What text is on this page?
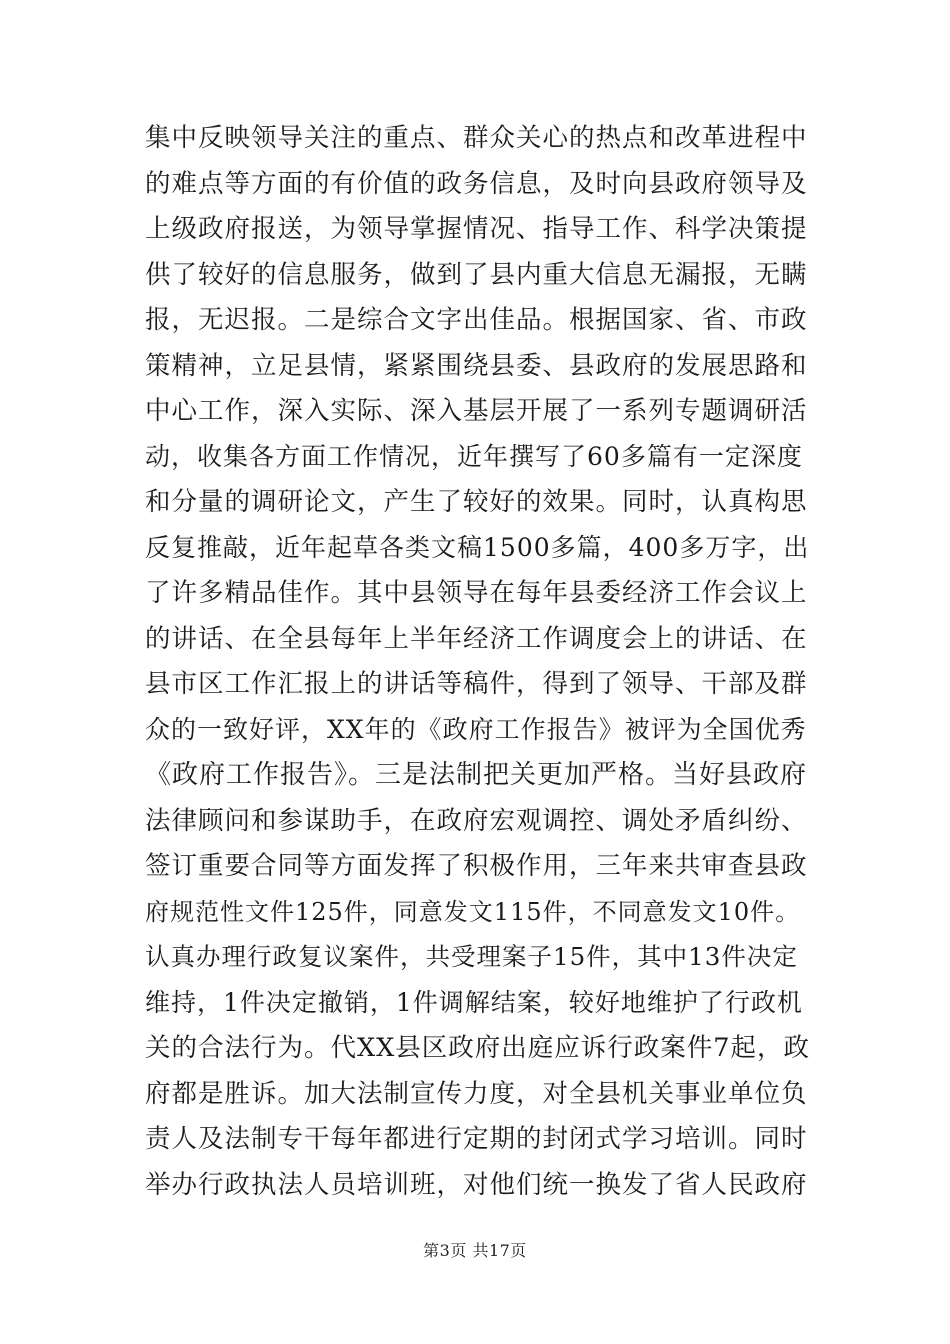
集中反映领导关注的重点、群众关心的热点和改革进程中
的难点等方面的有价值的政务信息，及时向县政府领导及
上级政府报送，为领导掌握情况、指导工作、科学决策提
供了较好的信息服务，做到了县内重大信息无漏报，无瞒
报，无迟报。二是综合文字出佳品。根据国家、省、市政
策精神，立足县情，紧紧围绕县委、县政府的发展思路和
中心工作，深入实际、深入基层开展了一系列专题调研活
动，收集各方面工作情况，近年撰写了60多篇有一定深度
和分量的调研论文，产生了较好的效果。同时，认真构思
反复推敲，近年起草各类文稿1500多篇，400多万字，出
了许多精品佳作。其中县领导在每年县委经济工作会议上
的讲话、在全县每年上半年经济工作调度会上的讲话、在
县市区工作汇报上的讲话等稿件，得到了领导、干部及群
众的一致好评，XX年的《政府工作报告》被评为全国优秀
《政府工作报告》。三是法制把关更加严格。当好县政府
法律顾问和参谋助手，在政府宏观调控、调处矛盾纠纷、
签订重要合同等方面发挥了积极作用，三年来共审查县政
府规范性文件125件，同意发文115件，不同意发文10件。
认真办理行政复议案件，共受理案子15件，其中13件决定
维持，1件决定撤销，1件调解结案，较好地维护了行政机
关的合法行为。代XX县区政府出庭应诉行政案件7起，政
府都是胜诉。加大法制宣传力度，对全县机关事业单位负
责人及法制专干每年都进行定期的封闭式学习培训。同时
举办行政执法人员培训班，对他们统一换发了省人民政府
第3页 共17页
